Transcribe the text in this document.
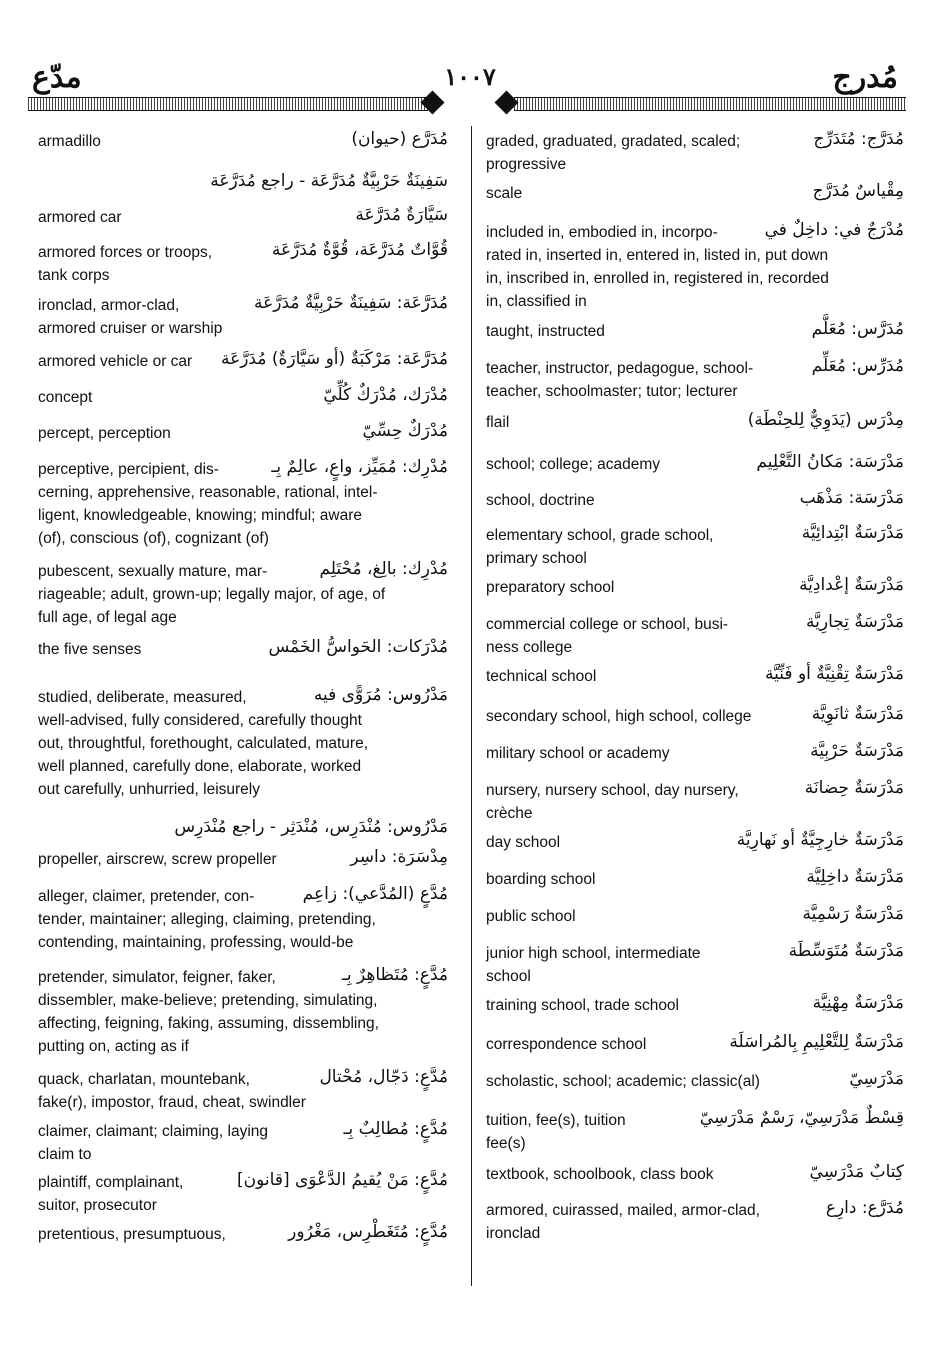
مدّع	١٠٠٧	مُدرج
مُدَرَّع (حيوان)
armadillo
سَفِينَةٌ حَرْبِيَّةٌ مُدَرَّعَة - راجع مُدَرَّعَة
سَيَّارَةٌ مُدَرَّعَة
armored car
قُوَّاتٌ مُدَرَّعَة، قُوَّةٌ مُدَرَّعَة
armored forces or troops,
tank corps
مُدَرَّعَة: سَفِينَةٌ حَرْبِيَّةٌ مُدَرَّعَة
ironclad, armor-clad,
armored cruiser or warship
مُدَرَّعَة: مَرْكَبَةٌ (أو سَيَّارَةٌ) مُدَرَّعَة
armored vehicle or car
مُدْرَك، مُدْرَكٌ كُلِّيّ
concept
مُدْرَكٌ حِسِّيّ
percept, perception
مُدْرِك: مُمَيِّز، واعٍ، عالِمٌ بِـ
perceptive, percipient, dis-
cerning, apprehensive, reasonable, rational, intel-
ligent, knowledgeable, knowing; mindful; aware
(of), conscious (of), cognizant (of)
مُدْرِك: بالِغ، مُحْتَلِم
pubescent, sexually mature, mar-
riageable; adult, grown-up; legally major, of age, of
full age, of legal age
مُدْرَكات: الحَواسُّ الخَمْس
the five senses
مَدْرُوس: مُرَوًّى فيه
studied, deliberate, measured,
well-advised, fully considered, carefully thought
out, throughtful, forethought, calculated, mature,
well planned, carefully done, elaborate, worked
out carefully, unhurried, leisurely
مَدْرُوس: مُنْدَرِس، مُنْدَثِر - راجع مُنْدَرِس
مِدْسَرَة: داسِر
propeller, airscrew, screw propeller
مُدَّعٍ (المُدَّعي): زاعِم
alleger, claimer, pretender, con-
tender, maintainer; alleging, claiming, pretending,
contending, maintaining, professing, would-be
مُدَّعٍ: مُتَظاهِرٌ بِـ
pretender, simulator, feigner, faker,
dissembler, make-believe; pretending, simulating,
affecting, feigning, faking, assuming, dissembling,
putting on, acting as if
مُدَّعٍ: دَجّال، مُحْتال
quack, charlatan, mountebank,
fake(r), impostor, fraud, cheat, swindler
مُدَّعٍ: مُطالِبٌ بِـ
claimer, claimant; claiming, laying
claim to
مُدَّعٍ: مَنْ يُقيمُ الدَّعْوَى [قانون]
plaintiff, complainant,
suitor, prosecutor
مُدَّعٍ: مُتَغَطْرِس، مَغْرُور
pretentious, presumptuous,
مُدَرَّج: مُتَدَرِّج
graded, graduated, gradated, scaled;
progressive
مِقْياسٌ مُدَرَّج
scale
مُدْرَجٌ في: داخِلٌ في
included in, embodied in, incorpo-
rated in, inserted in, entered in, listed in, put down
in, inscribed in, enrolled in, registered in, recorded
in, classified in
مُدَرَّس: مُعَلَّم
taught, instructed
مُدَرِّس: مُعَلِّم
teacher, instructor, pedagogue, school-
teacher, schoolmaster; tutor; lecturer
مِدْرَس (يَدَوِيٌّ لِلحِنْطَة)
flail
مَدْرَسَة: مَكانُ التَّعْلِيم
school; college; academy
مَدْرَسَة: مَذْهَب
school, doctrine
مَدْرَسَةٌ ابْتِدائِيَّة
elementary school, grade school,
primary school
مَدْرَسَةٌ إعْدادِيَّة
preparatory school
مَدْرَسَةٌ تِجارِيَّة
commercial college or school, busi-
ness college
مَدْرَسَةٌ تِقْنِيَّةٌ أو فَنِّيَّة
technical school
مَدْرَسَةٌ ثانَوِيَّة
secondary school, high school, college
مَدْرَسَةٌ حَرْبِيَّة
military school or academy
مَدْرَسَةٌ حِضانَة
nursery, nursery school, day nursery,
crèche
مَدْرَسَةٌ خارِجِيَّةٌ أو نَهارِيَّة
day school
مَدْرَسَةٌ داخِلِيَّة
boarding school
مَدْرَسَةٌ رَسْمِيَّة
public school
مَدْرَسَةٌ مُتَوَسِّطَة
junior high school, intermediate
school
مَدْرَسَةٌ مِهْنِيَّة
training school, trade school
مَدْرَسَةٌ لِلتَّعْلِيمِ بِالمُراسَلَة
correspondence school
مَدْرَسِيّ
scholastic, school; academic; classic(al)
قِسْطٌ مَدْرَسِيّ، رَسْمٌ مَدْرَسِيّ
tuition, fee(s), tuition
fee(s)
كِتابٌ مَدْرَسِيّ
textbook, schoolbook, class book
مُدَرَّع: دارِع
armored, cuirassed, mailed, armor-clad,
ironclad
